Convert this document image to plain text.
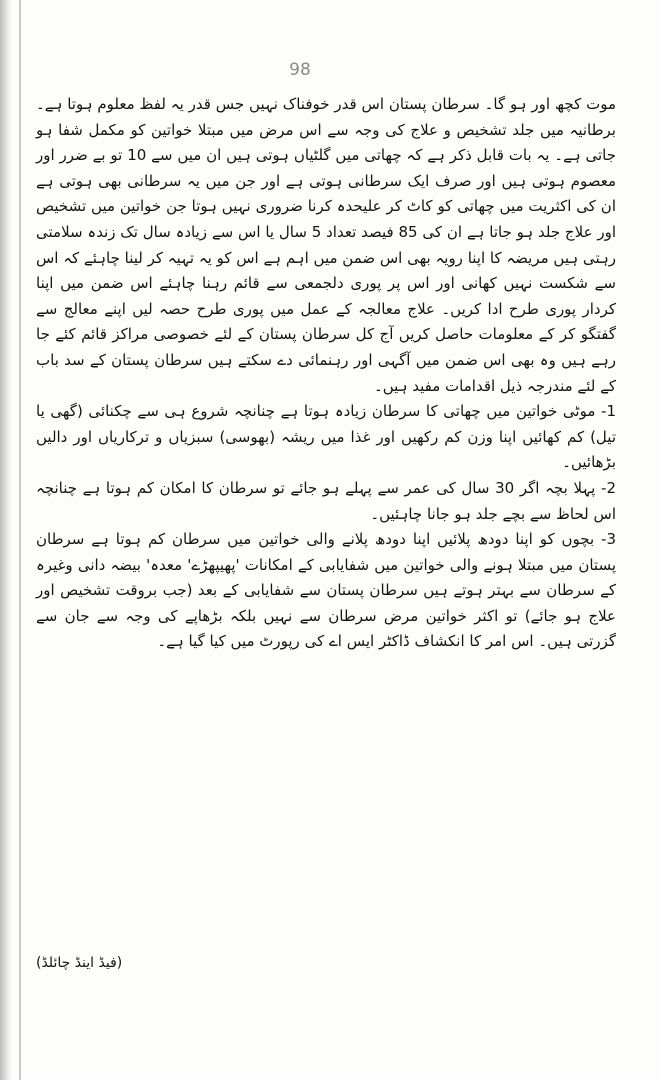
98

موت کچھ اور ہو گا۔ سرطان پستان اس قدر خوفناک نہیں جس قدر یہ لفظ معلوم ہوتا ہے۔ برطانیہ میں جلد تشخیص و علاج کی وجہ سے اس مرض میں مبتلا خواتین کو مکمل شفا ہو جاتی ہے۔ یہ بات قابل ذکر ہے کہ چھاتی میں گلٹیاں ہوتی ہیں ان میں سے 10 تو بے ضرر اور معصوم ہوتی ہیں اور صرف ایک سرطانی ہوتی ہے اور جن میں یہ سرطانی بھی ہوتی ہے ان کی اکثریت میں چھاتی کو کاٹ کر علیحدہ کرنا ضروری نہیں ہوتا جن خواتین میں تشخیص اور علاج جلد ہو جاتا ہے ان کی 85 فیصد تعداد 5 سال یا اس سے زیادہ سال تک زندہ سلامتی رہتی ہیں مریضہ کا اپنا رویہ بھی اس ضمن میں اہم ہے اس کو یہ تہیہ کر لینا چاہئے کہ اس سے شکست نہیں کھانی اور اس پر پوری دلجمعی سے قائم رہنا چاہئے اس ضمن میں اپنا کردار پوری طرح ادا کریں۔ علاج معالجہ کے عمل میں پوری طرح حصہ لیں اپنے معالج سے گفتگو کر کے معلومات حاصل کریں آج کل سرطان پستان کے لئے خصوصی مراکز قائم کئے جا رہے ہیں وہ بھی اس ضمن میں آگہی اور رہنمائی دے سکتے ہیں سرطان پستان کے سد باب کے لئے مندرجہ ذیل اقدامات مفید ہیں۔

1- موٹی خواتین میں چھاتی کا سرطان زیادہ ہوتا ہے چنانچہ شروع ہی سے چکنائی (گھی یا تیل) کم کھائیں اپنا وزن کم رکھیں اور غذا میں ریشہ (بھوسی) سبزیاں و ترکاریاں اور دالیں بڑھائیں۔

2- پہلا بچہ اگر 30 سال کی عمر سے پہلے ہو جائے تو سرطان کا امکان کم ہوتا ہے چنانچہ اس لحاظ سے بچے جلد ہو جانا چاہئیں۔

3- بچوں کو اپنا دودھ پلائیں اپنا دودھ پلانے والی خواتین میں سرطان کم ہوتا ہے سرطان پستان میں مبتلا ہونے والی خواتین میں شفایابی کے امکانات 'پھیپھڑے' معدہ' بیضہ دانی وغیرہ کے سرطان سے بہتر ہوتے ہیں سرطان پستان سے شفایابی کے بعد (جب بروقت تشخیص اور علاج ہو جائے) تو اکثر خواتین مرض سرطان سے نہیں بلکہ بڑھاپے کی وجہ سے جان سے گزرتی ہیں۔ اس امر کا انکشاف ڈاکٹر ایس اے کی رپورٹ میں کیا گیا ہے۔

(فیڈ اینڈ چائلڈ)
